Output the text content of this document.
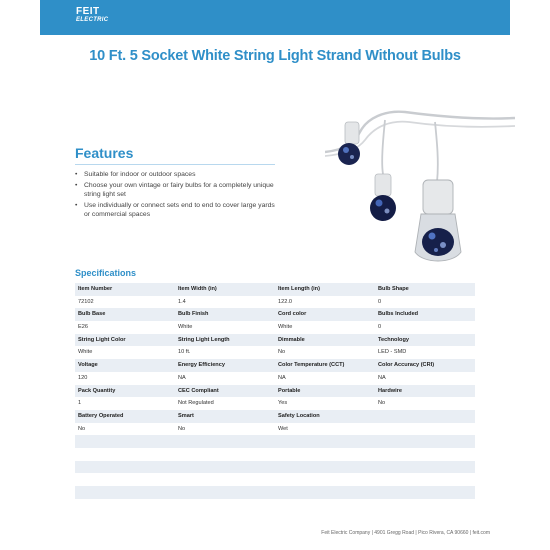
FEIT
ELECTRIC
10 Ft. 5 Socket White String Light Strand Without Bulbs
Features
• Suitable for indoor or outdoor spaces
• Choose your own vintage or fairy bulbs for a completely unique string light set
• Use individually or connect sets end to end to cover large yards or commercial spaces
Specifications
Item Number	Item Width (in)	Item Length (in)	Bulb Shape
72102	1.4	122.0	0
Bulb Base	Bulb Finish	Cord color	Bulbs Included
E26	White	White	0
String Light Color	String Light Length	Dimmable	Technology
White	10 ft.	No	LED - SMD
Voltage	Energy Efficiency	Color Temperature (CCT)	Color Accuracy (CRI)
120	NA	NA	NA
Pack Quantity	CEC Compliant	Portable	Hardwire
1	Not Regulated	Yes	No
Battery Operated	Smart	Safety Location
No	No	Wet
Feit Electric Company | 4901 Gregg Road | Pico Rivera, CA 90660 | feit.com
